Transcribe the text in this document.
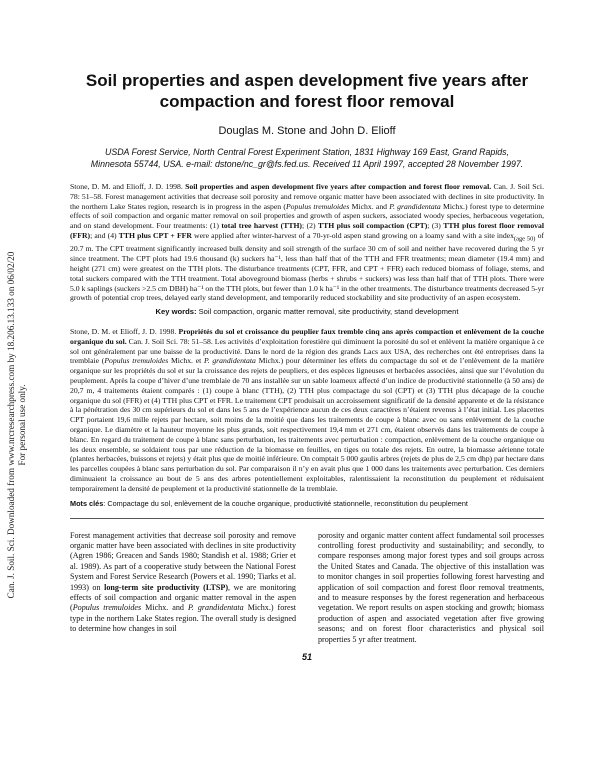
Can. J. Soil. Sci. Downloaded from www.nrcresearchpress.com by 18.206.13.133 on 06/02/20 For personal use only.
Soil properties and aspen development five years after
compaction and forest floor removal
Douglas M. Stone and John D. Elioff
USDA Forest Service, North Central Forest Experiment Station, 1831 Highway 169 East, Grand Rapids,
Minnesota 55744, USA. e-mail: dstone/nc_gr@fs.fed.us. Received 11 April 1997, accepted 28 November 1997.
Stone, D. M. and Elioff, J. D. 1998. Soil properties and aspen development five years after compaction and forest floor removal. Can. J. Soil Sci. 78: 51–58. Forest management activities that decrease soil porosity and remove organic matter have been associated with declines in site productivity. In the northern Lake States region, research is in progress in the aspen (Populus tremuloides Michx. and P. grandidentata Michx.) forest type to determine effects of soil compaction and organic matter removal on soil properties and growth of aspen suckers, associated woody species, herbaceous vegetation, and on stand development. Four treatments: (1) total tree harvest (TTH); (2) TTH plus soil compaction (CPT); (3) TTH plus forest floor removal (FFR); and (4) TTH plus CPT + FFR were applied after winter-harvest of a 70-yr-old aspen stand growing on a loamy sand with a site index$_{(age 50)}$ of 20.7 m. The CPT treatment significantly increased bulk density and soil strength of the surface 30 cm of soil and neither have recovered during the 5 yr since treatment. The CPT plots had 19.6 thousand (k) suckers ha⁻¹, less than half that of the TTH and FFR treatments; mean diameter (19.4 mm) and height (271 cm) were greatest on the TTH plots. The disturbance treatments (CPT, FFR, and CPT + FFR) each reduced biomass of foliage, stems, and total suckers compared with the TTH treatment. Total aboveground biomass (herbs + shrubs + suckers) was less than half that of TTH plots. There were 5.0 k saplings (suckers >2.5 cm DBH) ha⁻¹ on the TTH plots, but fewer than 1.0 k ha⁻¹ in the other treatments. The disturbance treatments decreased 5-yr growth of potential crop trees, delayed early stand development, and temporarily reduced stockability and site productivity of an aspen ecosystem.
Key words: Soil compaction, organic matter removal, site productivity, stand development
Stone, D. M. et Elioff, J. D. 1998. Propriétés du sol et croissance du peuplier faux tremble cinq ans après compaction et enlèvement de la couche organique du sol. Can. J. Soil Sci. 78: 51–58. Les activités d’exploitation forestière qui diminuent la porosité du sol et enlèvent la matière organique à ce sol ont généralement par une baisse de la productivité. Dans le nord de la région des grands Lacs aux USA, des recherches ont été entreprises dans la tremblaie (Populus tremuloides Michx. et P. grandidentata Michx.) pour déterminer les effets du compactage du sol et de l’enlèvement de la matière organique sur les propriétés du sol et sur la croissance des rejets de peupliers, et des espèces ligneuses et herbacées associées, ainsi que sur l’évolution du peuplement. Après la coupe d’hiver d’une tremblaie de 70 ans installée sur un sable loameux affecté d’un indice de productivité stationnelle (à 50 ans) de 20,7 m, 4 traitements étaient comparés : (1) coupe à blanc (TTH), (2) TTH plus compactage du sol (CPT) et (3) TTH plus décapage de la couche organique du sol (FFR) et (4) TTH plus CPT et FFR. Le traitement CPT produisait un accroissement significatif de la densité apparente et de la résistance à la pénétration des 30 cm supérieurs du sol et dans les 5 ans de l’expérience aucun de ces deux caractères n’étaient revenus à l’état initial. Les placettes CPT portaient 19,6 mille rejets par hectare, soit moins de la moitié que dans les traitements de coupe à blanc avec ou sans enlèvement de la couche organique. Le diamètre et la hauteur moyenne les plus grands, soit respectivement 19,4 mm et 271 cm, étaient observés dans les traitements de coupe à blanc. En regard du traitement de coupe à blanc sans perturbation, les traitements avec perturbation : compaction, enlèvement de la couche organique ou les deux ensemble, se soldaient tous par une réduction de la biomasse en feuilles, en tiges ou totale des rejets. En outre, la biomasse aérienne totale (plantes herbacées, buissons et rejets) y était plus que de moitié inférieure. On comptait 5 000 gaulis arbres (rejets de plus de 2,5 cm dhp) par hectare dans les parcelles coupées à blanc sans perturbation du sol. Par comparaison il n’y en avait plus que 1 000 dans les traitements avec perturbation. Ces derniers diminuaient la croissance au bout de 5 ans des arbres potentiellement exploitables, ralentissaient la reconstitution du peuplement et réduisaient temporairement la densité de peuplement et la productivité stationnelle de la tremblaie.
Mots clés: Compactage du sol, enlèvement de la couche organique, productivité stationnelle, reconstitution du peuplement
Forest management activities that decrease soil porosity and remove organic matter have been associated with declines in site productivity (Agren 1986; Greacen and Sands 1980; Standish et al. 1988; Grier et al. 1989). As part of a cooperative study between the National Forest System and Forest Service Research (Powers et al. 1990; Tiarks et al. 1993) on long-term site productivity (LTSP), we are monitoring effects of soil compaction and organic matter removal in the aspen (Populus tremuloides Michx. and P. grandidentata Michx.) forest type in the northern Lake States region. The overall study is designed to determine how changes in soil
porosity and organic matter content affect fundamental soil processes controlling forest productivity and sustainability; and secondly, to compare responses among major forest types and soil groups across the United States and Canada. The objective of this installation was to monitor changes in soil properties following forest harvesting and application of soil compaction and forest floor removal treatments, and to measure responses by the forest regeneration and herbaceous vegetation. We report results on aspen stocking and growth; biomass production of aspen and associated vegetation after five growing seasons; and on forest floor characteristics and physical soil properties 5 yr after treatment.
51
